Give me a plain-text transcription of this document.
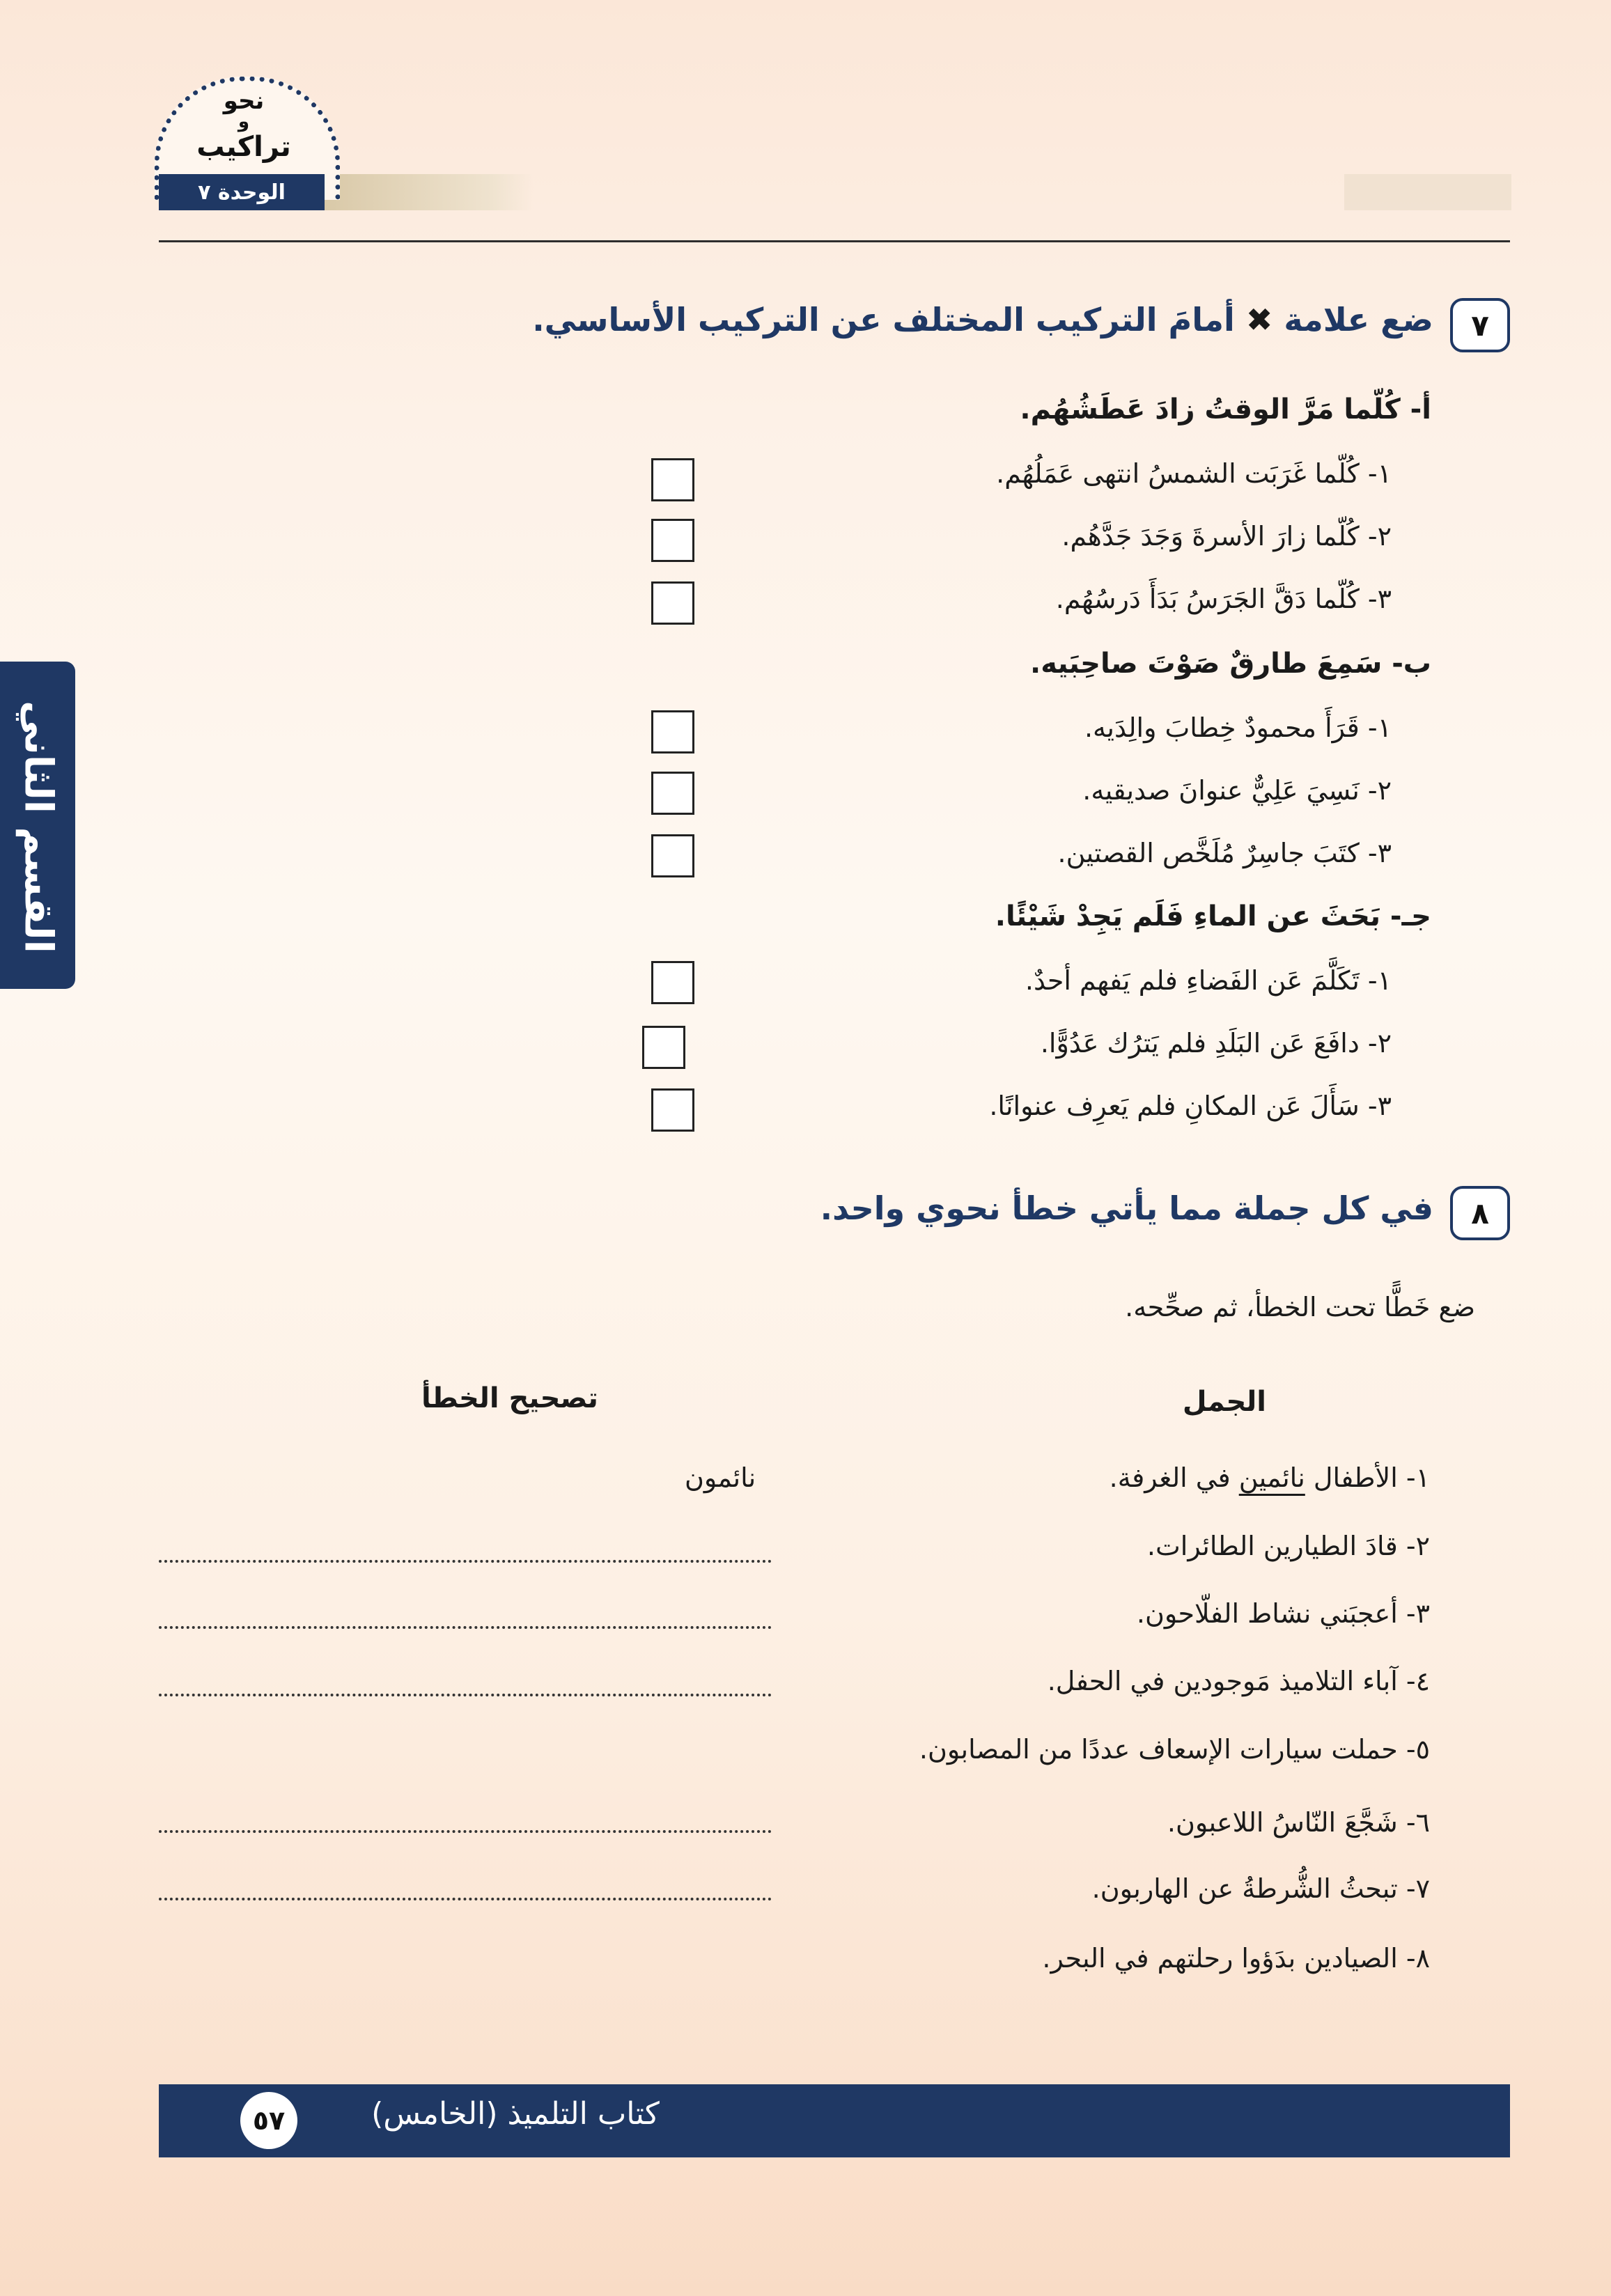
نحو
و
تراكيب
الوحدة ٧
القسم الثاني
٧
ضع علامة ✖ أمامَ التركيب المختلف عن التركيب الأساسي.
أ- كُلّما مَرَّ الوقتُ زادَ عَطَشُهُم.
١- كُلّما غَرَبَت الشمسُ انتهى عَمَلُهُم.
٢- كُلّما زارَ الأسرةَ وَجَدَ جَدَّهُم.
٣- كُلّما دَقَّ الجَرَسُ بَدَأَ دَرسُهُم.
ب- سَمِعَ طارقٌ صَوْتَ صاحِبَيه.
١- قَرَأَ محمودٌ خِطابَ والِدَيه.
٢- نَسِيَ عَلِيٌّ عنوانَ صديقيه.
٣- كتَبَ جاسِرٌ مُلَخَّص القصتين.
جـ- بَحَثَ عن الماءِ فَلَم يَجِدْ شَيْئًا.
١- تَكَلَّمَ عَن الفَضاءِ فلم يَفهم أحدٌ.
٢- دافَعَ عَن البَلَدِ فلم يَترُك عَدُوًّا.
٣- سَأَلَ عَن المكانِ فلم يَعرِف عنوانًا.
٨
في كل جملة مما يأتي خطأ نحوي واحد.
ضع خَطًّا تحت الخطأ، ثم صحِّحه.
الجمل
تصحيح الخطأ
١- الأطفال نائمين في الغرفة.
نائمون
٢- قادَ الطيارين الطائرات.
٣- أعجبَني نشاط الفلّاحون.
٤- آباء التلاميذ مَوجودين في الحفل.
٥- حملت سيارات الإسعاف عددًا من المصابون.
٦- شَجَّعَ النّاسُ اللاعبون.
٧- تبحثُ الشُّرطةُ عن الهاربون.
٨- الصيادين بدَؤوا رحلتهم في البحر.
كتاب التلميذ (الخامس)
٥٧
